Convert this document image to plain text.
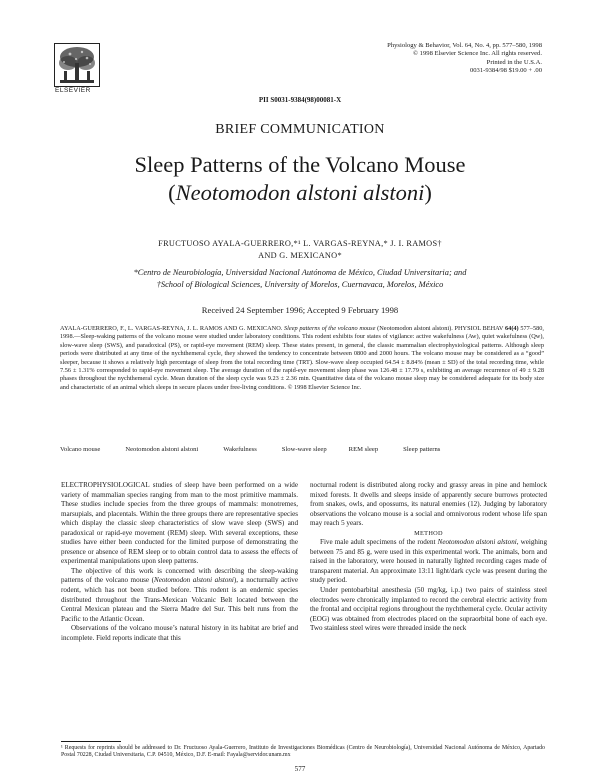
ELSEVIER
Physiology & Behavior, Vol. 64, No. 4, pp. 577–580, 1998
© 1998 Elsevier Science Inc. All rights reserved.
Printed in the U.S.A.
0031-9384/98 $19.00 + .00
PII S0031-9384(98)00081-X
BRIEF COMMUNICATION
Sleep Patterns of the Volcano Mouse
(Neotomodon alstoni alstoni)
FRUCTUOSO AYALA-GUERRERO,*¹ L. VARGAS-REYNA,* J. I. RAMOS†
AND G. MEXICANO*
*Centro de Neurobiología, Universidad Nacional Autónoma de México, Ciudad Universitaria; and
†School of Biological Sciences, University of Morelos, Cuernavaca, Morelos, México
Received 24 September 1996; Accepted 9 February 1998
AYALA-GUERRERO, F., L. VARGAS-REYNA, J. L. RAMOS AND G. MEXICANO. Sleep patterns of the volcano mouse (Neotomodon alstoni alstoni). PHYSIOL BEHAV 64(4) 577–580, 1998.—Sleep-waking patterns of the volcano mouse were studied under laboratory conditions. This rodent exhibits four states of vigilance: active wakefulness (Aw), quiet wakefulness (Qw), slow-wave sleep (SWS), and paradoxical (PS), or rapid-eye movement (REM) sleep. These states present, in general, the classic mammalian electrophysiological patterns. Although sleep periods were distributed at any time of the nychthemeral cycle, they showed the tendency to concentrate between 0800 and 2000 hours. The volcano mouse may be considered as a “good” sleeper, because it shows a relatively high percentage of sleep from the total recording time (TRT). Slow-wave sleep occupied 64.54 ± 8.84% (mean ± SD) of the total recording time, while 7.56 ± 1.31% corresponded to rapid-eye movement sleep. The average duration of the rapid-eye movement sleep phase was 126.48 ± 17.79 s, exhibiting an average recurrence of 49 ± 9.28 phases throughout the nychthemeral cycle. Mean duration of the sleep cycle was 9.23 ± 2.36 min. Quantitative data of the volcano mouse sleep may be considered adequate for its body size and characteristic of an animal which sleeps in secure places under free-living conditions. © 1998 Elsevier Science Inc.
Volcano mouse	Neotomodon alstoni alstoni	Wakefulness	Slow-wave sleep	REM sleep	Sleep patterns

ELECTROPHYSIOLOGICAL studies of sleep have been performed on a wide variety of mammalian species ranging from man to the most primitive mammals. These studies include species from the three groups of mammals: monotremes, marsupials, and placentals. Within the three groups there are representative species which display the classic sleep characteristics of slow wave sleep (SWS) and paradoxical or rapid-eye movement (REM) sleep. With several exceptions, these studies have either been conducted for the limited purpose of demonstrating the presence or absence of REM sleep or to obtain control data to assess the effects of experimental manipulations upon sleep patterns.

The objective of this work is concerned with describing the sleep-waking patterns of the volcano mouse (Neotomodon alstoni alstoni), a nocturnally active rodent, which has not been studied before. This rodent is an endemic species distributed throughout the Trans-Mexican Volcanic Belt located between the Central Mexican plateau and the Sierra Madre del Sur. This belt runs from the Pacific to the Atlantic Ocean.

Observations of the volcano mouse’s natural history in its habitat are brief and incomplete. Field reports indicate that this

nocturnal rodent is distributed along rocky and grassy areas in pine and hemlock mixed forests. It dwells and sleeps inside of apparently secure burrows protected from snakes, owls, and opossums, its natural enemies (12). Judging by laboratory observations the volcano mouse is a social and omnivorous rodent whose life span may reach 5 years.

METHOD

Five male adult specimens of the rodent Neotomodon alstoni alstoni, weighing between 75 and 85 g, were used in this experimental work. The animals, born and raised in the laboratory, were housed in naturally lighted recording cages made of transparent material. An approximate 13:11 light/dark cycle was present during the study period.

Under pentobarbital anesthesia (50 mg/kg, i.p.) two pairs of stainless steel electrodes were chronically implanted to record the cerebral electric activity from the frontal and occipital regions throughout the nychthemeral cycle. Ocular activity (EOG) was obtained from electrodes placed on the supraorbital bone of each eye. Two stainless steel wires were threaded inside the neck

¹ Requests for reprints should be addressed to Dr. Fructuoso Ayala-Guerrero, Instituto de Investigaciones Biomédicas (Centro de Neurobiología), Universidad Nacional Autónoma de México, Apartado Postal 70228, Ciudad Universitaria, C.P. 04510, México, D.F. E-mail: Fayala@servidor.unam.mx
577
